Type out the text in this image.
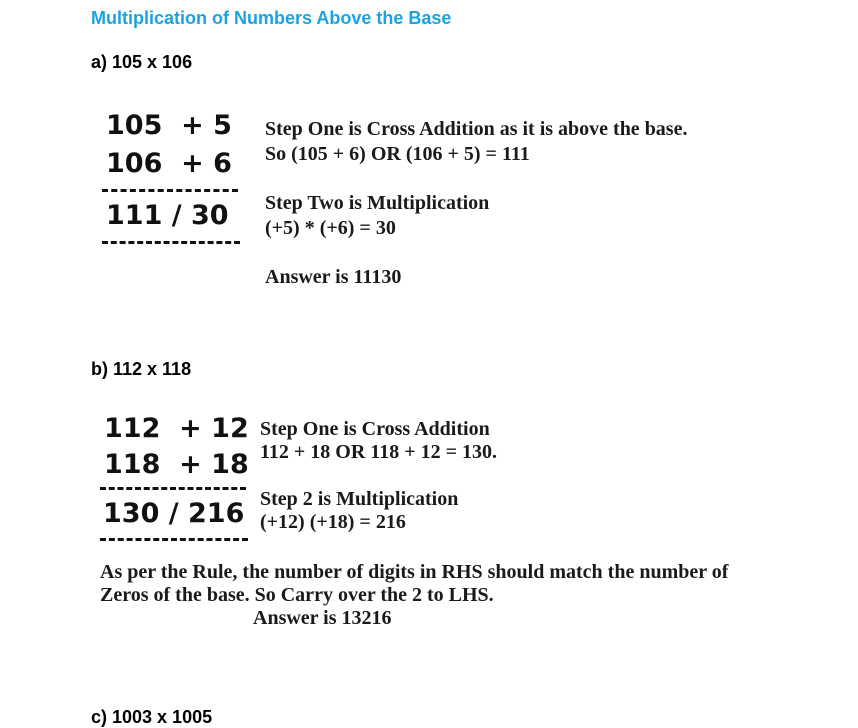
Multiplication of Numbers Above the Base
a) 105 x 106
105  + 5
106  + 6
111 / 30
Step One is Cross Addition as it is above the base.
So (105 + 6) OR (106 + 5) = 111
Step Two is Multiplication
(+5) * (+6) = 30
Answer is 11130
b) 112 x 118
112  + 12
118  + 18
130 / 216
Step One is Cross Addition
112 + 18 OR 118 + 12 = 130.
Step 2 is Multiplication
(+12) (+18) = 216
As per the Rule, the number of digits in RHS should match the number of
Zeros of the base. So Carry over the 2 to LHS.
Answer is 13216
c) 1003 x 1005
